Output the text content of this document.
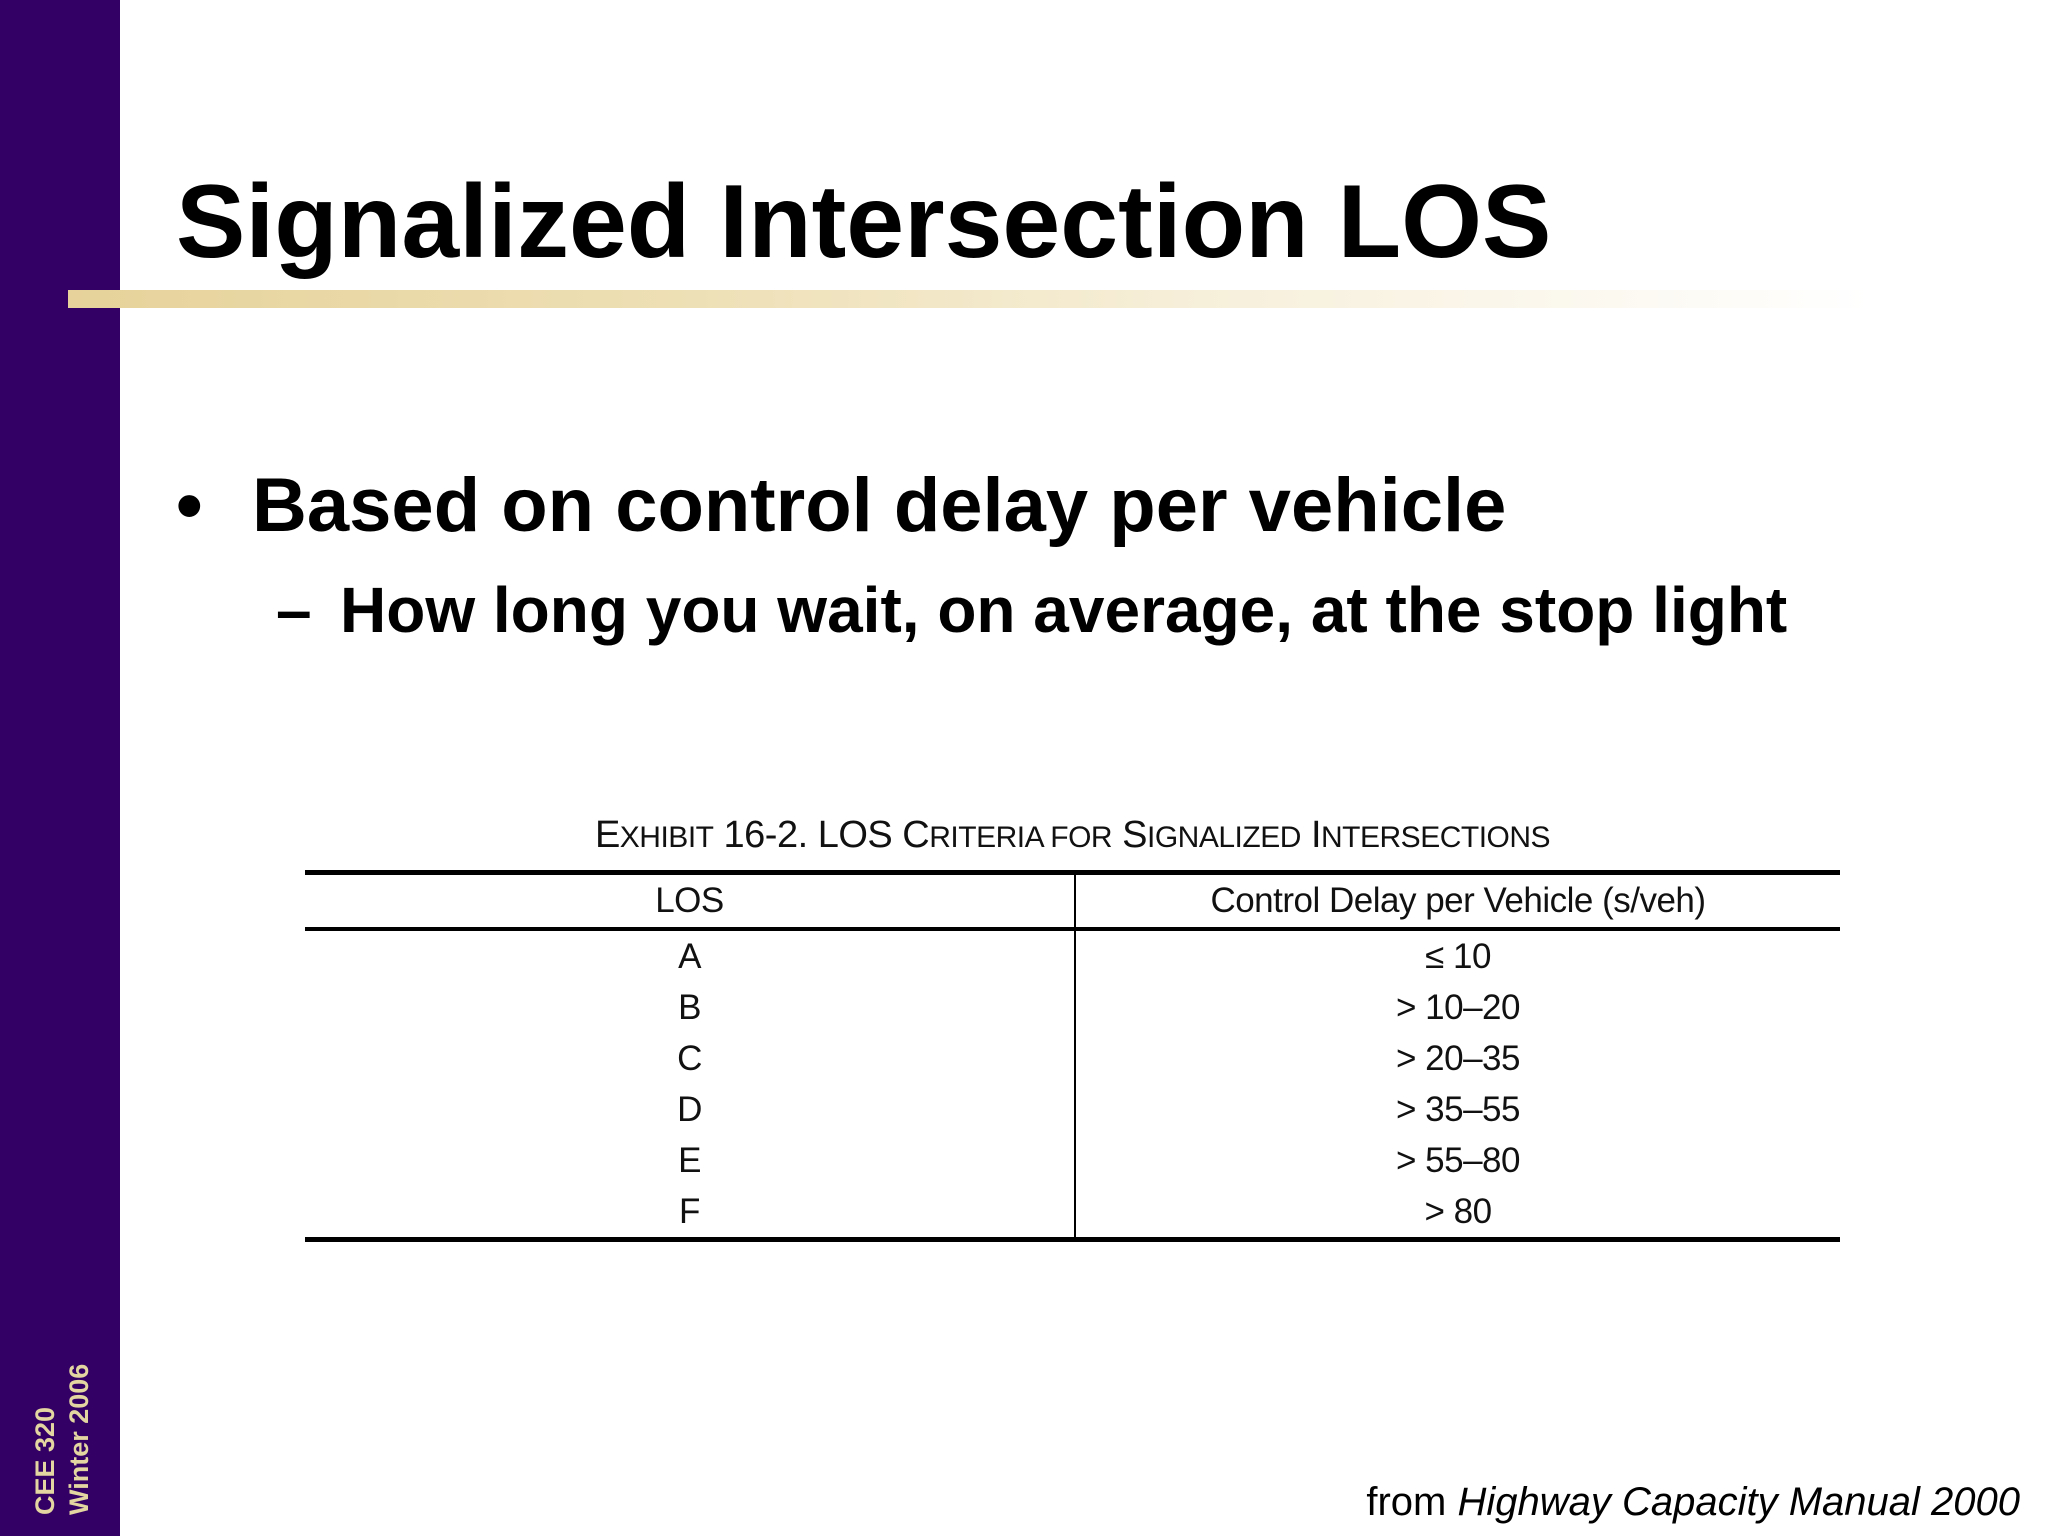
CEE 320 Winter 2006
Signalized Intersection LOS
• Based on control delay per vehicle
– How long you wait, on average, at the stop light
EXHIBIT 16-2. LOS CRITERIA FOR SIGNALIZED INTERSECTIONS
LOS	Control Delay per Vehicle (s/veh)
A	≤ 10
B	> 10–20
C	> 20–35
D	> 35–55
E	> 55–80
F	> 80
from Highway Capacity Manual 2000
